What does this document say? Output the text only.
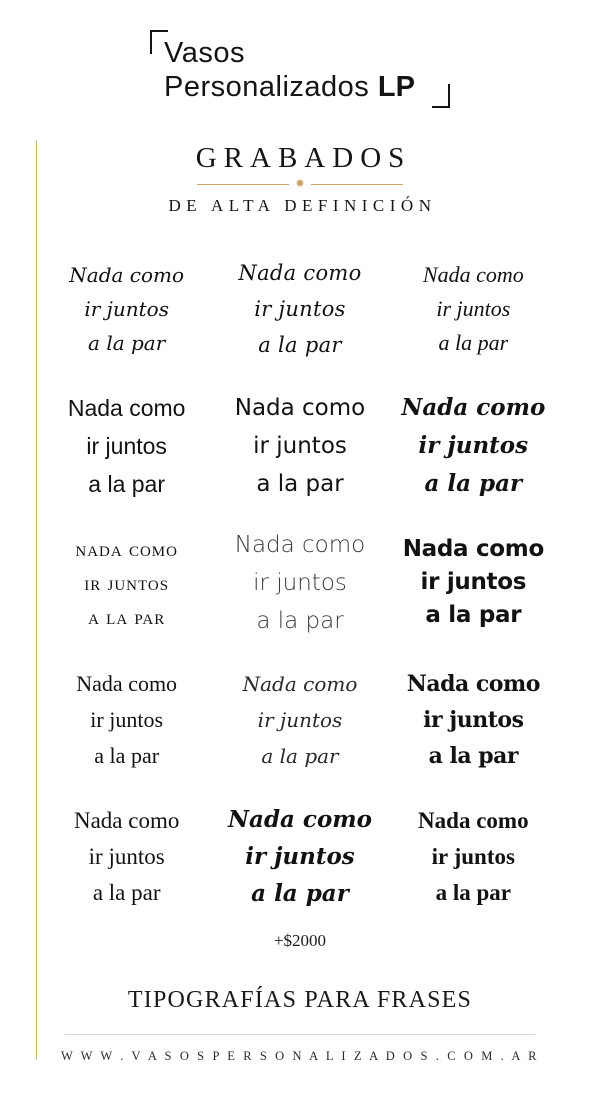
Vasos
Personalizados LP
GRABADOS
✹
DE ALTA DEFINICIÓN
Nada como
ir juntos
a la par
Nada como
ir juntos
a la par
Nada como
ir juntos
a la par
Nada como
ir juntos
a la par
Nada como
ir juntos
a la par
Nada como
ir juntos
a la par
nada como
ir juntos
a la par
Nada como
ir juntos
a la par
Nada como
ir juntos
a la par
Nada como
ir juntos
a la par
Nada como
ir juntos
a la par
Nada como
ir juntos
a la par
Nada como
ir juntos
a la par
Nada como
ir juntos
a la par
Nada como
ir juntos
a la par
+$2000
TIPOGRAFÍAS PARA FRASES
W W W . V A S O S P E R S O N A L I Z A D O S . C O M . A R
